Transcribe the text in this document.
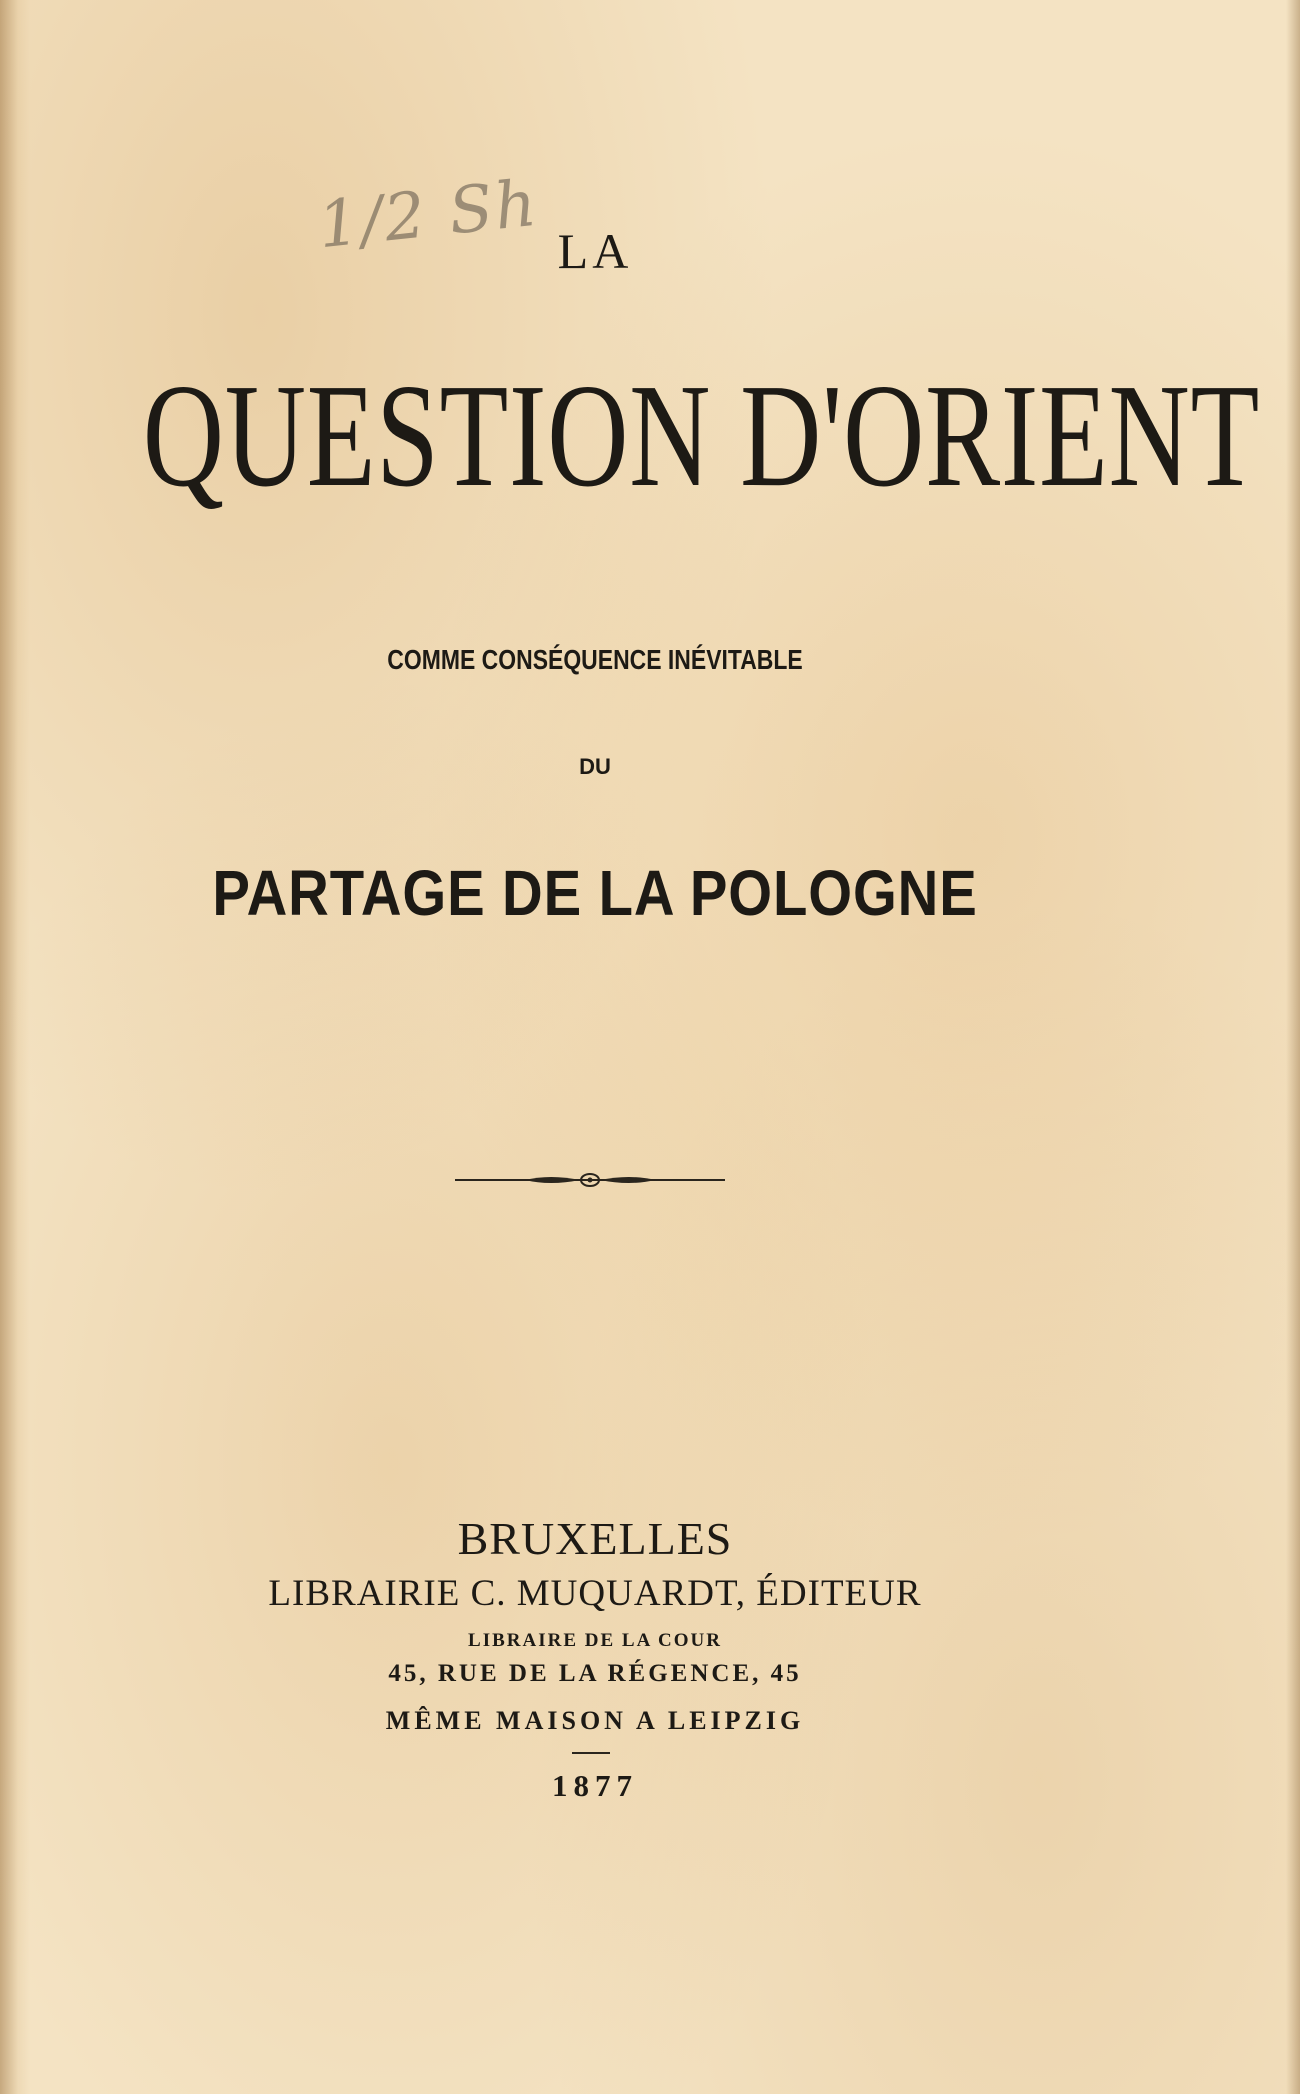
1/2 Sh LA
QUESTION D'ORIENT
COMME CONSÉQUENCE INÉVITABLE
DU
PARTAGE DE LA POLOGNE
BRUXELLES
LIBRAIRIE C. MUQUARDT, ÉDITEUR
LIBRAIRE DE LA COUR
45, RUE DE LA RÉGENCE, 45
MÊME MAISON A LEIPZIG
1877
